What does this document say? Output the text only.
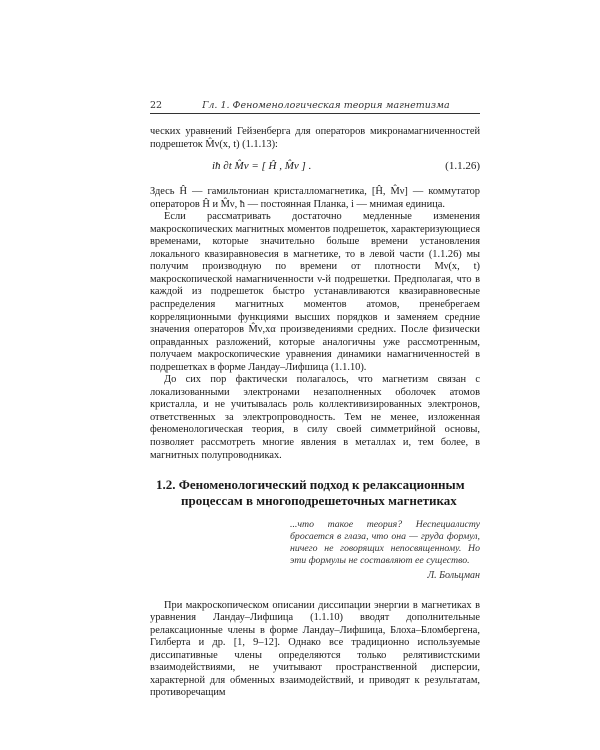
22	Гл. 1. Феноменологическая теория магнетизма

ческих уравнений Гейзенберга для операторов микронамагниченностей подрешеток M̂ν(x, t) (1.1.13):

iħ ∂t M̂ν = [ Ĥ , M̂ν ] .	(1.1.26)

Здесь Ĥ — гамильтониан кристалломагнетика, [Ĥ, M̂ν] — коммутатор операторов Ĥ и M̂ν, ħ — постоянная Планка, i — мнимая единица.

Если рассматривать достаточно медленные изменения макроскопических магнитных моментов подрешеток, характеризующиеся временами, которые значительно больше времени установления локального квазиравновесия в магнетике, то в левой части (1.1.26) мы получим производную по времени от плотности Mν(x, t) макроскопической намагниченности ν-й подрешетки. Предполагая, что в каждой из подрешеток быстро устанавливаются квазиравновесные распределения магнитных моментов атомов, пренебрегаем корреляционными функциями высших порядков и заменяем средние значения операторов M̂ν,xα произведениями средних. После физически оправданных разложений, которые аналогичны уже рассмотренным, получаем макроскопические уравнения динамики намагниченностей в подрешетках в форме Ландау–Лифшица (1.1.10).

До сих пор фактически полагалось, что магнетизм связан с локализованными электронами незаполненных оболочек атомов кристалла, и не учитывалась роль коллективизированных электронов, ответственных за электропроводность. Тем не менее, изложенная феноменологическая теория, в силу своей симметрийной основы, позволяет рассмотреть многие явления в металлах и, тем более, в магнитных полупроводниках.

1.2. Феноменологический подход к релаксационным
процессам в многоподрешеточных магнетиках
...что такое теория? Неспециалисту бросается в глаза, что она — груда формул, ничего не говорящих непосвященному. Но эти формулы не составляют ее существо.
Л. Больцман

При макроскопическом описании диссипации энергии в магнетиках в уравнения Ландау–Лифшица (1.1.10) вводят дополнительные релаксационные члены в форме Ландау–Лифшица, Блоха–Бломбергена, Гилберта и др. [1, 9–12]. Однако все традиционно используемые диссипативные члены определяются только релятивистскими взаимодействиями, не учитывают пространственной дисперсии, характерной для обменных взаимодействий, и приводят к результатам, противоречащим
